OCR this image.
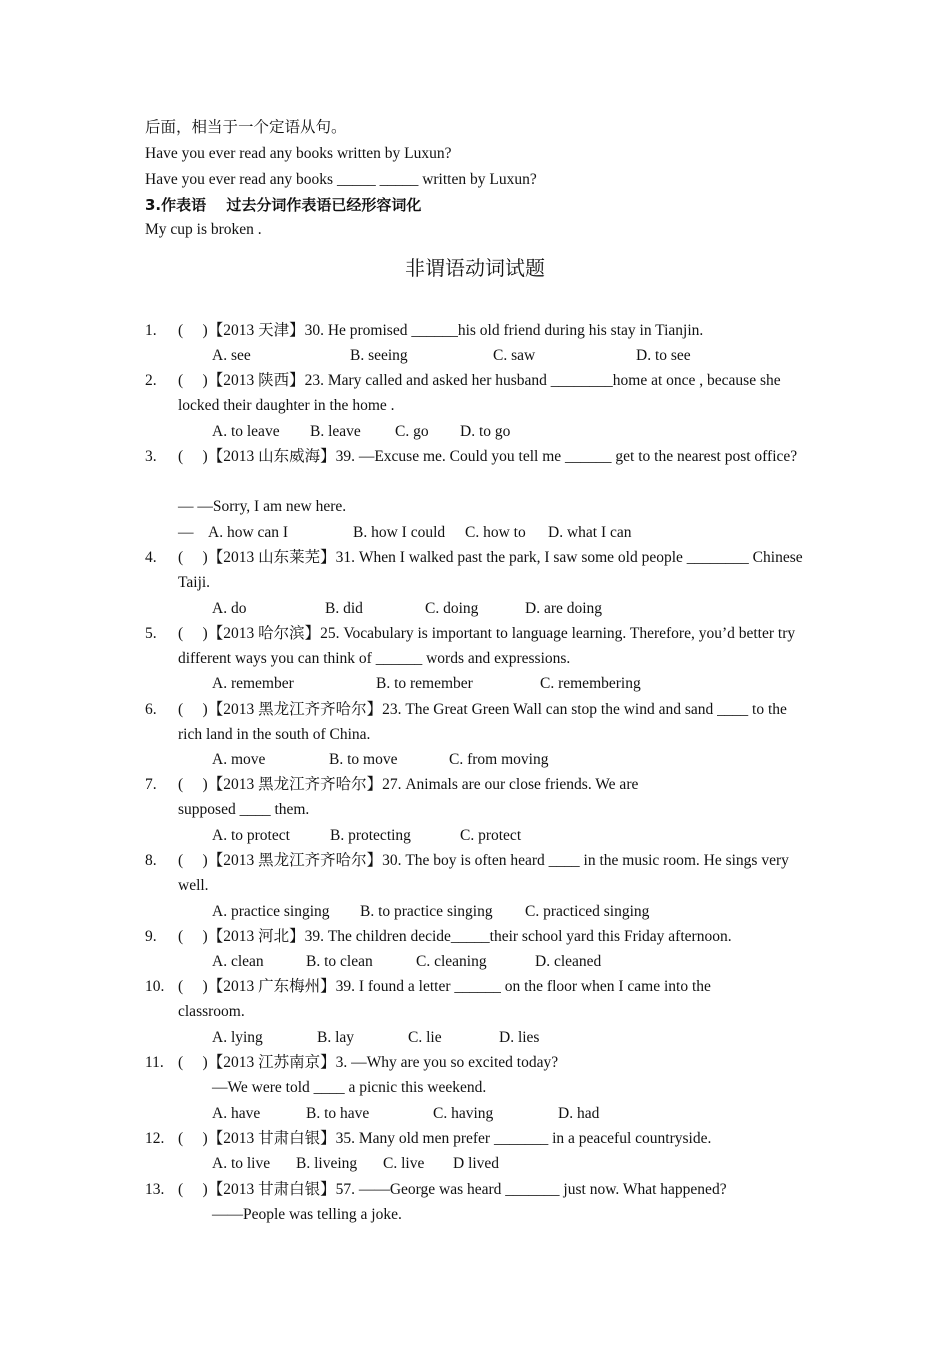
后面，相当于一个定语从句。
Have you ever read any books written by Luxun?
Have you ever read any books _____ _____ written by Luxun?
3.作表语　 过去分词作表语已经形容词化
My cup is broken .
非谓语动词试题
1.	(　 )【2013 天津】30. He promised ______his old friend during his stay in Tianjin.
A. see	B. seeing	C. saw	D. to see
2.	(　 )【2013 陕西】23. Mary called and asked her husband ________home at once , because she locked their daughter in the home .
A. to leave B. leave C. go D. to go
3.	(　 )【2013 山东威海】39. —Excuse me. Could you tell me ______ get to the nearest post office?
— —Sorry, I am new here.
— A. how can I	B. how I could C. how to D. what I can
4.	(　 )【2013 山东莱芜】31. When I walked past the park, I saw some old people ________ Chinese Taiji.
A. do	B. did	C. doing	D. are doing
5.	(　 )【2013 哈尔滨】25. Vocabulary is important to language learning. Therefore, you’d better try different ways you can think of ______ words and expressions.
A. remember	B. to remember	C. remembering
6.	(　 )【2013 黑龙江齐齐哈尔】23. The Great Green Wall can stop the wind and sand ____ to the rich land in the south of China.
A. move	B. to move	C. from moving
7.	(　 )【2013 黑龙江齐齐哈尔】27. Animals are our close friends. We are supposed ____ them.
A. to protect	B. protecting	C. protect
8.	(　 )【2013 黑龙江齐齐哈尔】30. The boy is often heard ____ in the music room. He sings very well.
A. practice singing B. to practice singing C. practiced singing
9.	(　 )【2013 河北】39. The children decide_____their school yard this Friday afternoon.
A. clean	B. to clean	C. cleaning	D. cleaned
10. (　 )【2013 广东梅州】39. I found a letter ______ on the floor when I came into the classroom.
A. lying	B. lay	C. lie	D. lies
11. (　 )【2013 江苏南京】3. —Why are you so excited today?
—We were told ____ a picnic this weekend.
A. have	B. to have	C. having	D. had
12. (　 )【2013 甘肃白银】35. Many old men prefer _______ in a peaceful countryside.
A. to live B. liveing C. live D lived
13. (　 )【2013 甘肃白银】57. ——George was heard _______ just now. What happened?
——People was telling a joke.
